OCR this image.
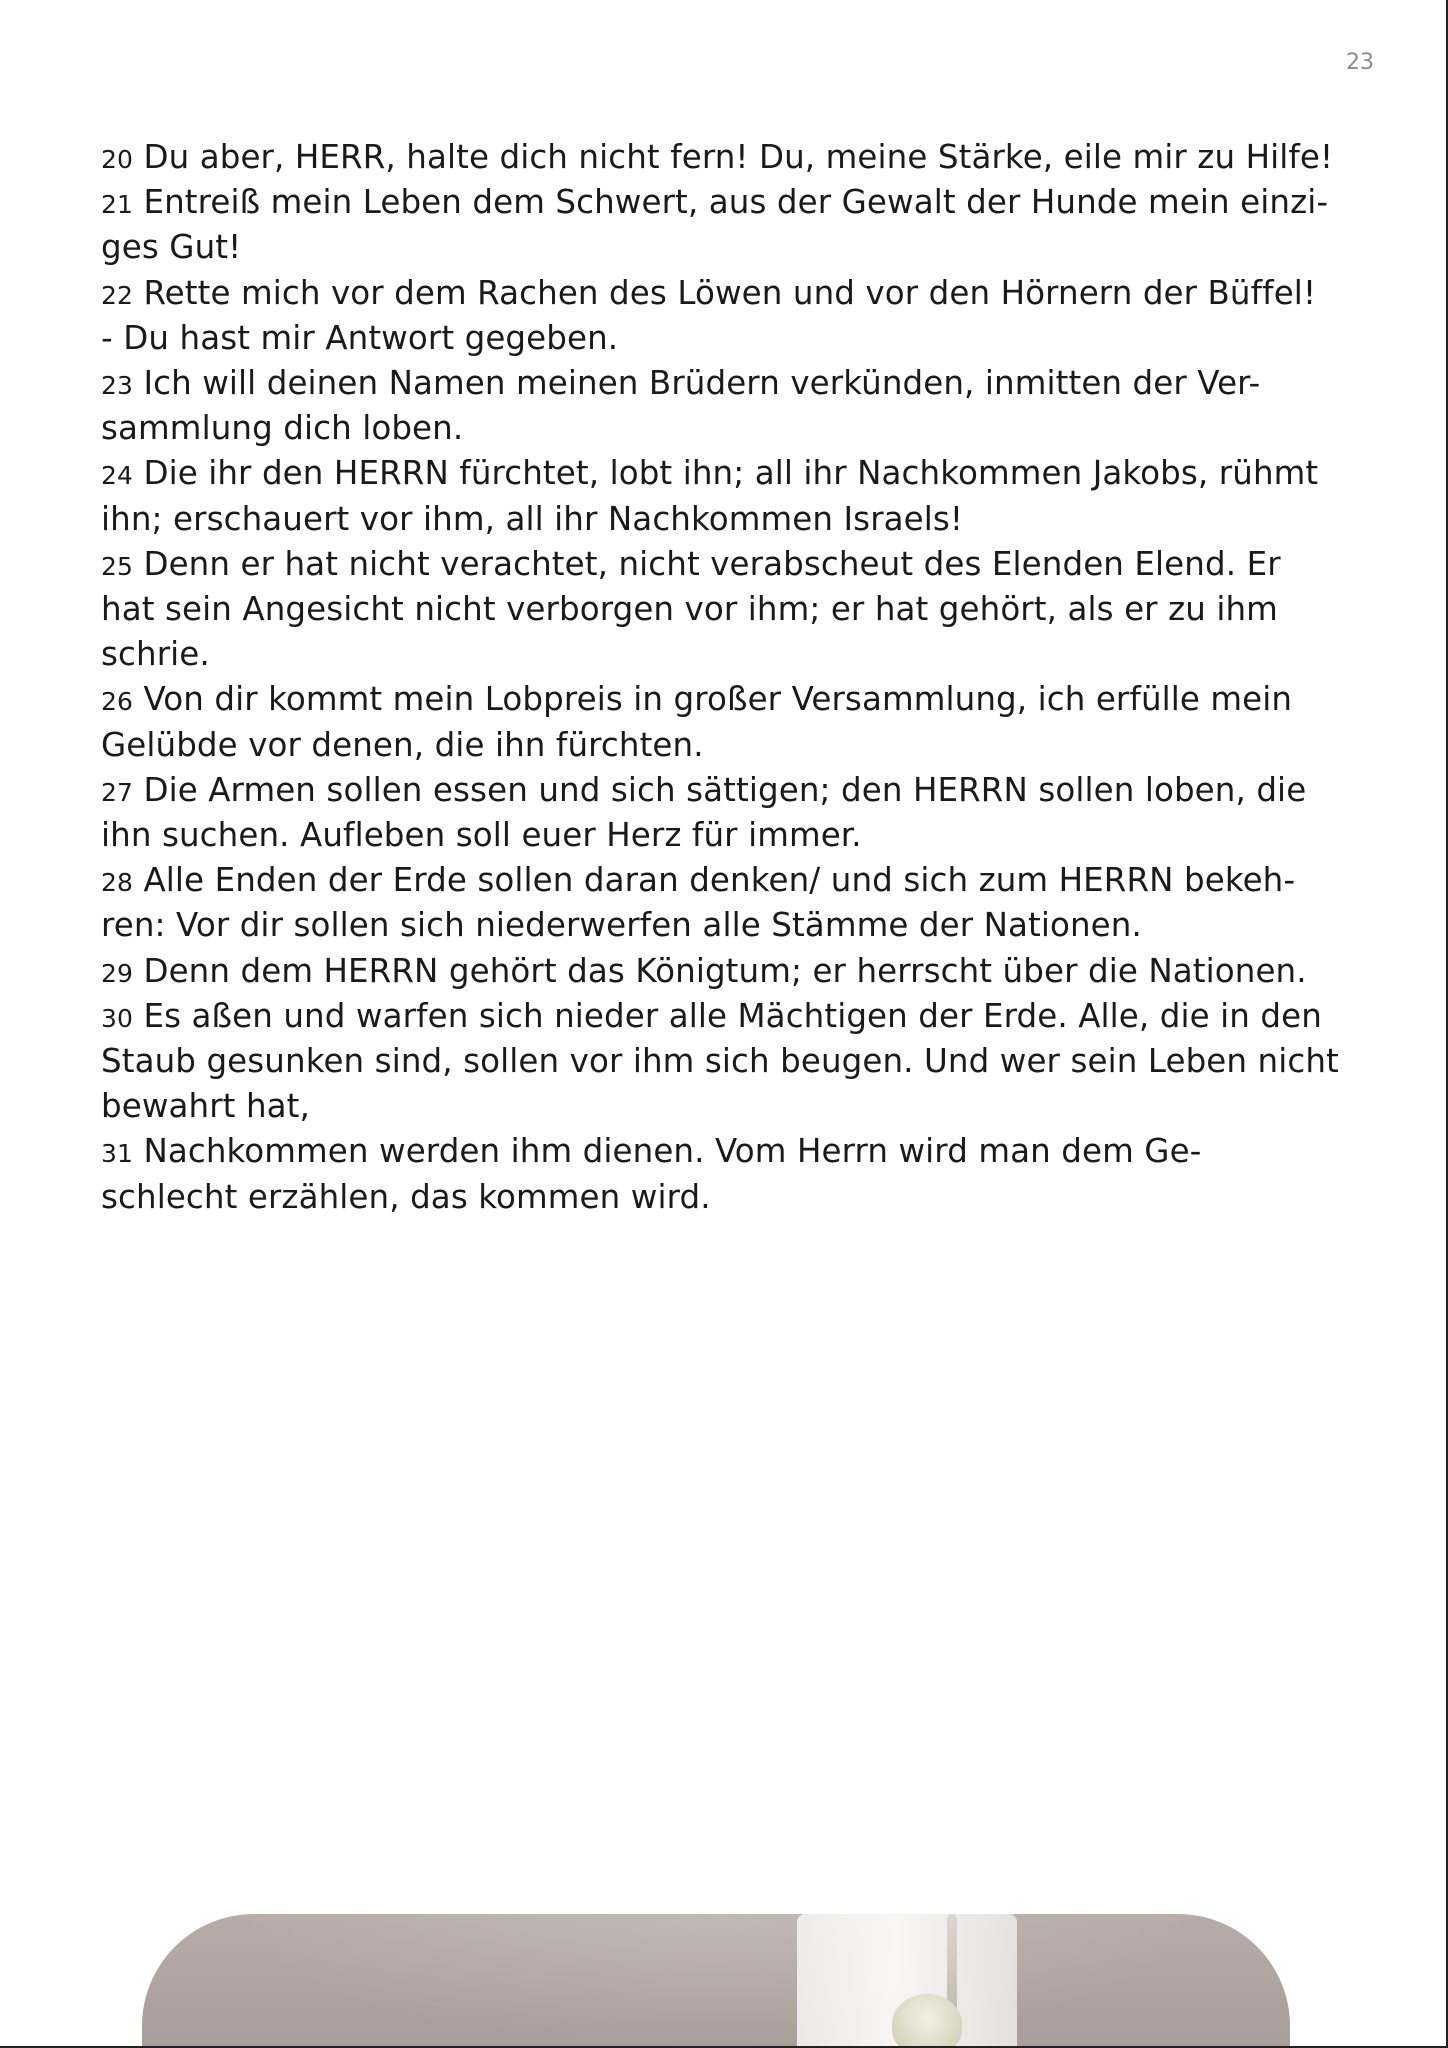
23
20 Du aber, HERR, halte dich nicht fern! Du, meine Stärke, eile mir zu Hilfe!
21 Entreiß mein Leben dem Schwert, aus der Gewalt der Hunde mein einzi-
ges Gut!
22 Rette mich vor dem Rachen des Löwen und vor den Hörnern der Büffel!
- Du hast mir Antwort gegeben.
23 Ich will deinen Namen meinen Brüdern verkünden, inmitten der Ver-
sammlung dich loben.
24 Die ihr den HERRN fürchtet, lobt ihn; all ihr Nachkommen Jakobs, rühmt
ihn; erschauert vor ihm, all ihr Nachkommen Israels!
25 Denn er hat nicht verachtet, nicht verabscheut des Elenden Elend. Er
hat sein Angesicht nicht verborgen vor ihm; er hat gehört, als er zu ihm
schrie.
26 Von dir kommt mein Lobpreis in großer Versammlung, ich erfülle mein
Gelübde vor denen, die ihn fürchten.
27 Die Armen sollen essen und sich sättigen; den HERRN sollen loben, die
ihn suchen. Aufleben soll euer Herz für immer.
28 Alle Enden der Erde sollen daran denken/ und sich zum HERRN bekeh-
ren: Vor dir sollen sich niederwerfen alle Stämme der Nationen.
29 Denn dem HERRN gehört das Königtum; er herrscht über die Nationen.
30 Es aßen und warfen sich nieder alle Mächtigen der Erde. Alle, die in den
Staub gesunken sind, sollen vor ihm sich beugen. Und wer sein Leben nicht
bewahrt hat,
31 Nachkommen werden ihm dienen. Vom Herrn wird man dem Ge-
schlecht erzählen, das kommen wird.
